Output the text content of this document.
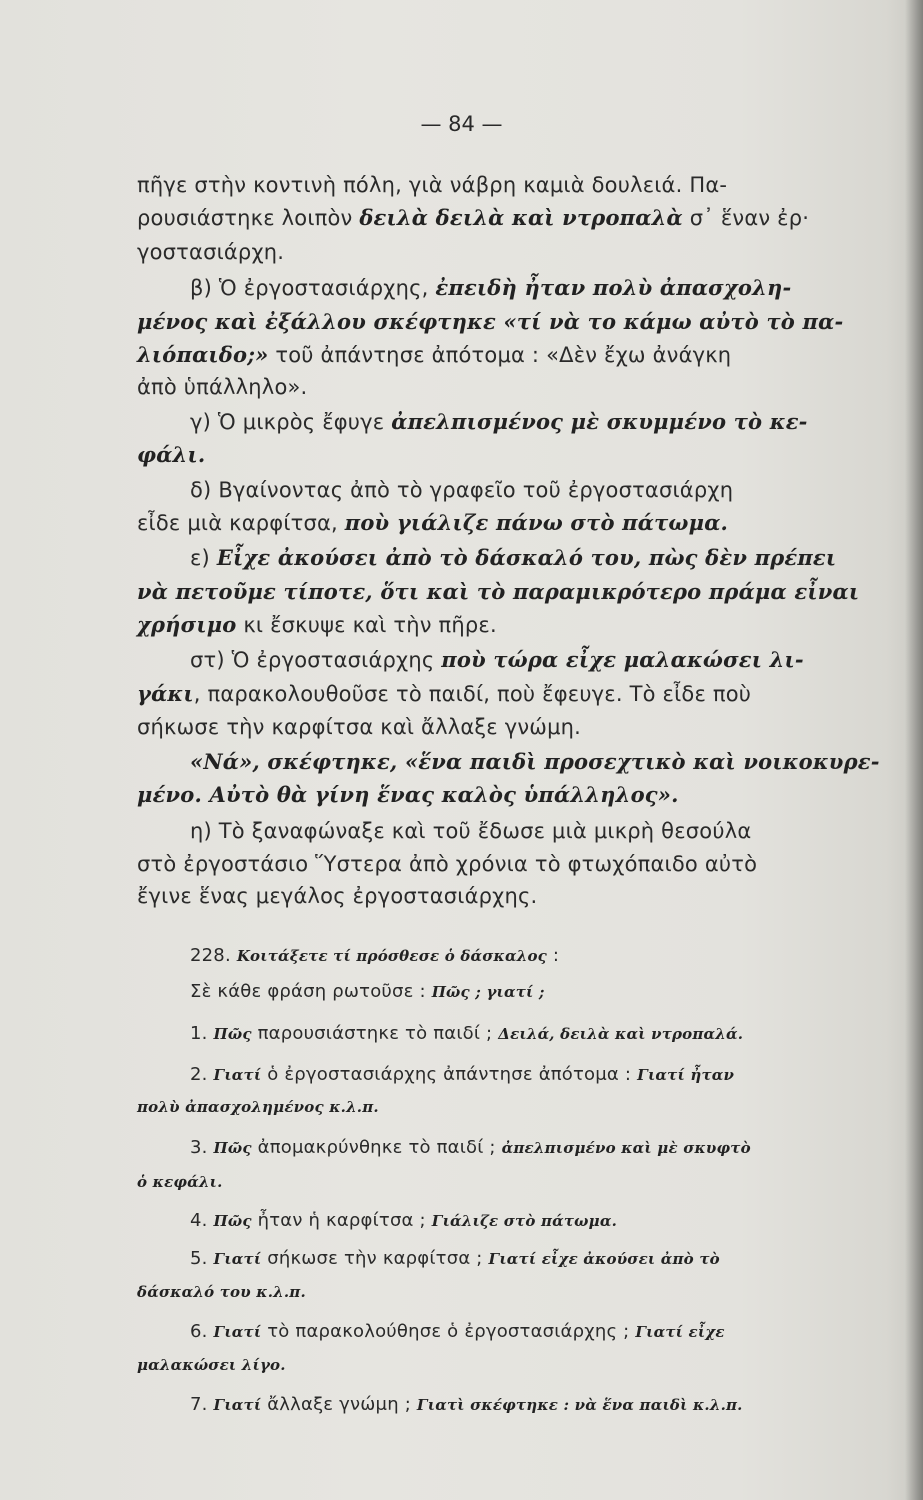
— 84 —

πῆγε στὴν κοντινὴ πόλη, γιὰ νάβρη καμιὰ δουλειά. Πα-

ρουσιάστηκε λοιπὸν δειλὰ δειλὰ καὶ ντροπαλὰ σ᾽ ἕναν ἐρ·

γοστασιάρχη.

β) Ὁ ἐργοστασιάρχης, ἐπειδὴ ἦταν πολὺ ἀπασχολη-

μένος καὶ ἐξάλλου σκέφτηκε «τί νὰ το κάμω αὐτὸ τὸ πα-

λιόπαιδο;» τοῦ ἀπάντησε ἀπότομα : «Δὲν ἔχω ἀνάγκη

ἀπὸ ὑπάλληλο».

γ) Ὁ μικρὸς ἔφυγε ἀπελπισμένος μὲ σκυμμένο τὸ κε-

φάλι.

δ) Βγαίνοντας ἀπὸ τὸ γραφεῖο τοῦ ἐργοστασιάρχη

εἶδε μιὰ καρφίτσα, ποὺ γιάλιζε πάνω στὸ πάτωμα.

ε) Εἶχε ἀκούσει ἀπὸ τὸ δάσκαλό του, πὼς δὲν πρέπει

νὰ πετοῦμε τίποτε, ὅτι καὶ τὸ παραμικρότερο πράμα εἶναι

χρήσιμο κι ἔσκυψε καὶ τὴν πῆρε.

στ) Ὁ ἐργοστασιάρχης ποὺ τώρα εἶχε μαλακώσει λι-

γάκι, παρακολουθοῦσε τὸ παιδί, ποὺ ἔφευγε. Τὸ εἶδε ποὺ

σήκωσε τὴν καρφίτσα καὶ ἄλλαξε γνώμη.

«Νά», σκέφτηκε, «ἕνα παιδὶ προσεχτικὸ καὶ νοικοκυρε-

μένο. Αὐτὸ θὰ γίνη ἕνας καλὸς ὑπάλληλος».

η) Τὸ ξαναφώναξε καὶ τοῦ ἔδωσε μιὰ μικρὴ θεσούλα

στὸ ἐργοστάσιο Ὕστερα ἀπὸ χρόνια τὸ φτωχόπαιδο αὐτὸ

ἔγινε ἕνας μεγάλος ἐργοστασιάρχης.

228. Κοιτάξετε τί πρόσθεσε ὁ δάσκαλος :

Σὲ κάθε φράση ρωτοῦσε : Πῶς ; γιατί ;

1. Πῶς παρουσιάστηκε τὸ παιδί ; Δειλά, δειλὰ καὶ ντροπαλά.

2. Γιατί ὁ ἐργοστασιάρχης ἀπάντησε ἀπότομα : Γιατί ἦταν

πολὺ ἀπασχολημένος κ.λ.π.

3. Πῶς ἀπομακρύνθηκε τὸ παιδί ; ἀπελπισμένο καὶ μὲ σκυφτὸ

ὁ κεφάλι.

4. Πῶς ἦταν ἡ καρφίτσα ; Γιάλιζε στὸ πάτωμα.

5. Γιατί σήκωσε τὴν καρφίτσα ; Γιατί εἶχε ἀκούσει ἀπὸ τὸ

δάσκαλό του κ.λ.π.

6. Γιατί τὸ παρακολούθησε ὁ ἐργοστασιάρχης ; Γιατί εἶχε

μαλακώσει λίγο.

7. Γιατί ἄλλαξε γνώμη ; Γιατὶ σκέφτηκε : νὰ ἕνα παιδὶ κ.λ.π.
